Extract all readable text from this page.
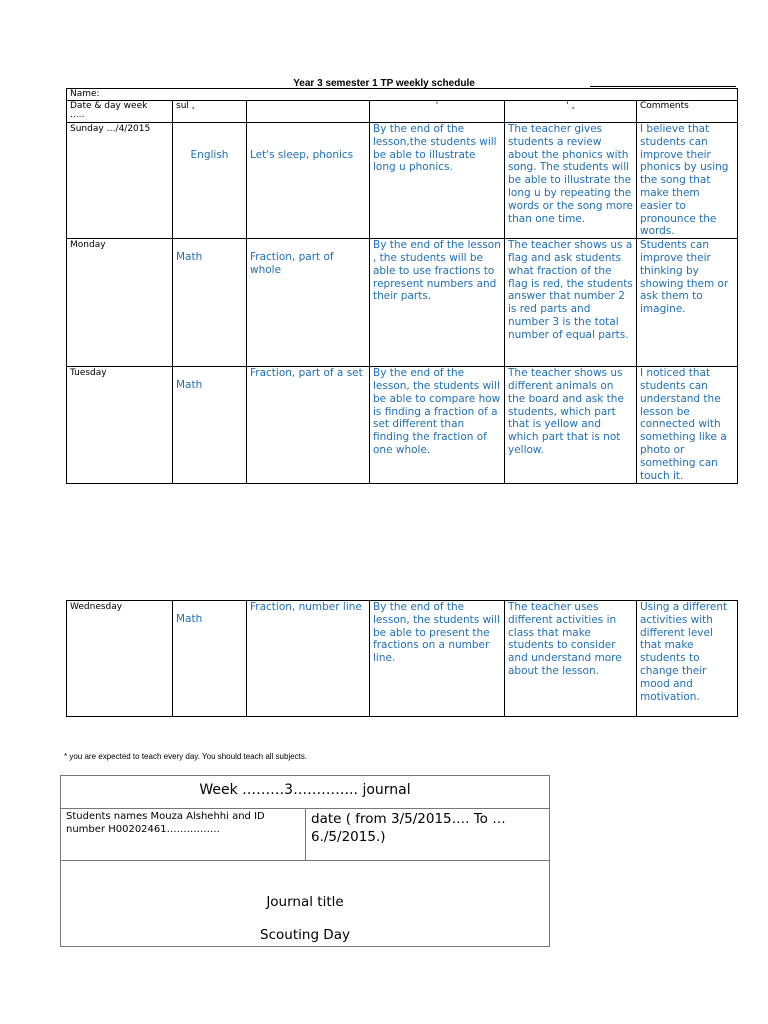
Year 3 semester 1 TP weekly schedule
Name:					

Date & day week
.....	sul ,		'	' ,	Comments
Sunday …/4/2015	English	Let's sleep, phonics	By the end of the lesson,the students will be able to illustrate long u phonics.	The teacher gives students a review about the phonics with song. The students will be able to illustrate the long u by repeating the words or the song more than one time.	I believe that students can improve their phonics by using the song that make them easier to pronounce the words.
Monday	Math	Fraction, part of whole	By the end of the lesson , the students will be able to use fractions to represent numbers and their parts.	The teacher shows us a flag and ask students what fraction of the flag is red, the students answer that number 2 is red parts and number 3 is the total number of equal parts.	Students can improve their thinking by showing them or ask them to imagine.
Tuesday	Math	Fraction, part of a set	By the end of the lesson, the students will be able to compare how is finding a fraction of a set different than finding the fraction of one whole.	The teacher shows us different animals on the board and ask the students, which part that is yellow and which part that is not yellow.	I noticed that students can understand the lesson be connected with something like a photo or something can touch it.
Wednesday	Math	Fraction, number line	By the end of the lesson, the students will be able to present the fractions on a number line.	The teacher uses different activities in class that make students to consider and understand more about the lesson.	Using a different activities with different level that make students to change their mood and motivation.
* you are expected to teach every day. You should teach all subjects.
Week ………3………….. journal
Students names Mouza Alshehhi and ID number H00202461…………….	date ( from 3/5/2015…. To … 6./5/2015.)

Journal title
Scouting Day
